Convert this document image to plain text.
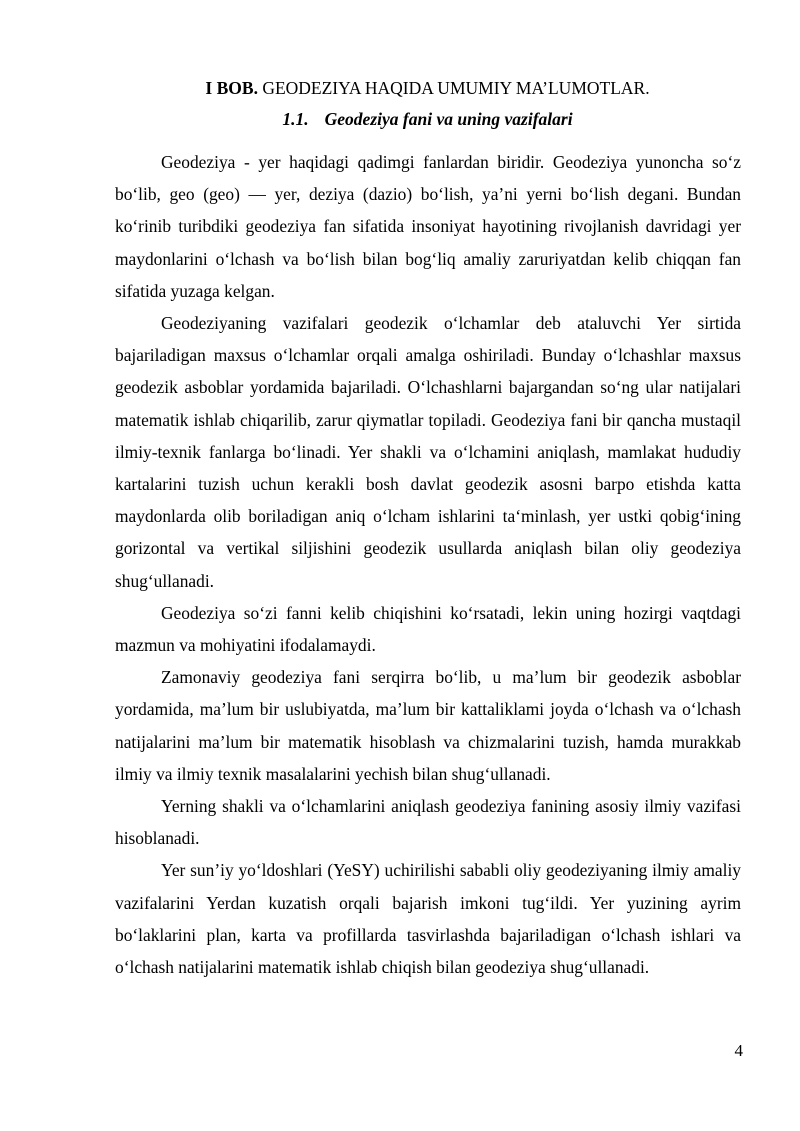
I BOB. GEODEZIYA HAQIDA UMUMIY MA’LUMOTLAR.
1.1. Geodeziya fani va uning vazifalari

Geodeziya - yer haqidagi qadimgi fanlardan biridir. Geodeziya yunoncha so‘z bo‘lib, geo (geo) — yer, deziya (dazio) bo‘lish, ya’ni yerni bo‘lish degani. Bundan ko‘rinib turibdiki geodeziya fan sifatida insoniyat hayotining rivojlanish davridagi yer maydonlarini o‘lchash va bo‘lish bilan bog‘liq amaliy zaruriyatdan kelib chiqqan fan sifatida yuzaga kelgan.

Geodeziyaning vazifalari geodezik o‘lchamlar deb ataluvchi Yer sirtida bajariladigan maxsus o‘lchamlar orqali amalga oshiriladi. Bunday o‘lchashlar maxsus geodezik asboblar yordamida bajariladi. O‘lchashlarni bajargandan so‘ng ular natijalari matematik ishlab chiqarilib, zarur qiymatlar topiladi. Geodeziya fani bir qancha mustaqil ilmiy-texnik fanlarga bo‘linadi. Yer shakli va o‘lchamini aniqlash, mamlakat hududiy kartalarini tuzish uchun kerakli bosh davlat geodezik asosni barpo etishda katta maydonlarda olib boriladigan aniq o‘lcham ishlarini ta‘minlash, yer ustki qobig‘ining gorizontal va vertikal siljishini geodezik usullarda aniqlash bilan oliy geodeziya shug‘ullanadi.

Geodeziya so‘zi fanni kelib chiqishini ko‘rsatadi, lekin uning hozirgi vaqtdagi mazmun va mohiyatini ifodalamaydi.

Zamonaviy geodeziya fani serqirra bo‘lib, u ma’lum bir geodezik asboblar yordamida, ma’lum bir uslubiyatda, ma’lum bir kattaliklami joyda o‘lchash va o‘lchash natijalarini ma’lum bir matematik hisoblash va chizmalarini tuzish, hamda murakkab ilmiy va ilmiy texnik masalalarini yechish bilan shug‘ullanadi.

Yerning shakli va o‘lchamlarini aniqlash geodeziya fanining asosiy ilmiy vazifasi hisoblanadi.

Yer sun’iy yo‘ldoshlari (YeSY) uchirilishi sababli oliy geodeziyaning ilmiy amaliy vazifalarini Yerdan kuzatish orqali bajarish imkoni tug‘ildi. Yer yuzining ayrim bo‘laklarini plan, karta va profillarda tasvirlashda bajariladigan o‘lchash ishlari va o‘lchash natijalarini matematik ishlab chiqish bilan geodeziya shug‘ullanadi.

4
